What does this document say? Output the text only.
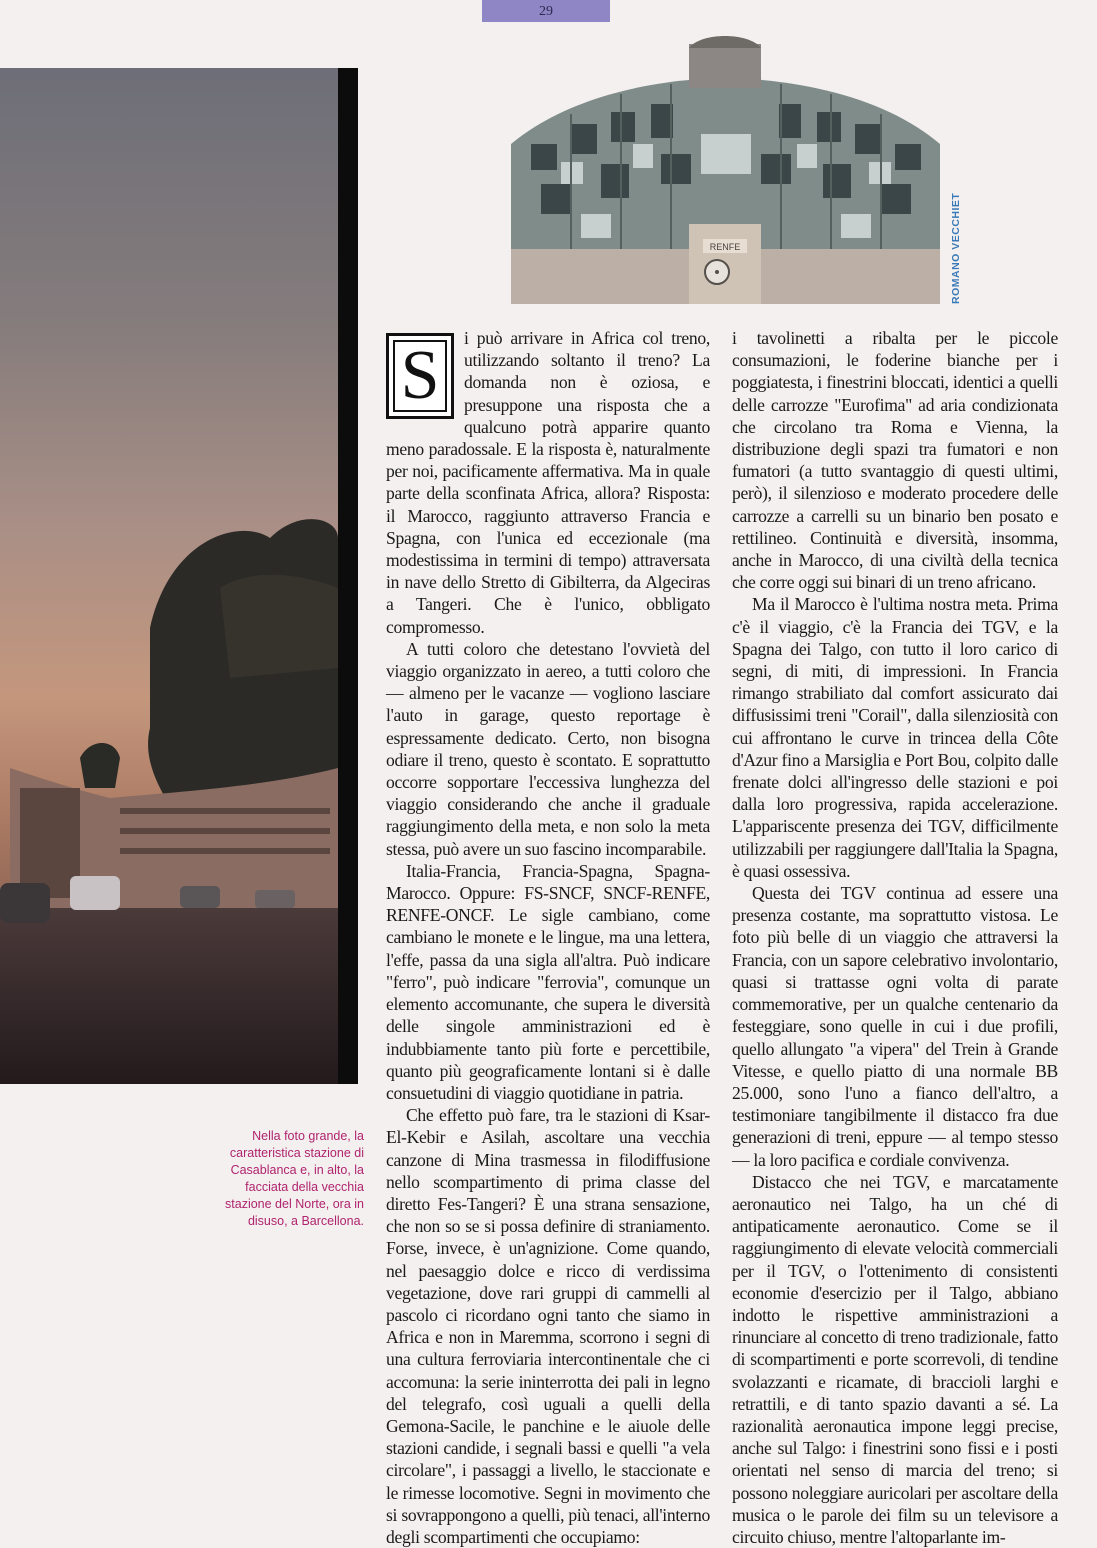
29
RENFE	ROMANO VECCHIET
Nella foto grande, la caratteristica stazione di Casablanca e, in alto, la facciata della vecchia stazione del Norte, ora in disuso, a Barcellona.
S	i può arrivare in Africa col treno, utilizzando soltanto il treno? La domanda non è oziosa, e presuppone una risposta che a qualcuno potrà apparire quanto meno paradossale. E la risposta è, naturalmente per noi, pacificamente affermativa. Ma in quale parte della sconfinata Africa, allora? Risposta: il Marocco, raggiunto attraverso Francia e Spagna, con l'unica ed eccezionale (ma modestissima in termini di tempo) attraversata in nave dello Stretto di Gibilterra, da Algeciras a Tangeri. Che è l'unico, obbligato compromesso.

A tutti coloro che detestano l'ovvietà del viaggio organizzato in aereo, a tutti coloro che — almeno per le vacanze — vogliono lasciare l'auto in garage, questo reportage è espressamente dedicato. Certo, non bisogna odiare il treno, questo è scontato. E soprattutto occorre sopportare l'eccessiva lunghezza del viaggio considerando che anche il graduale raggiungimento della meta, e non solo la meta stessa, può avere un suo fascino incomparabile.

Italia-Francia, Francia-Spagna, Spagna-Marocco. Oppure: FS-SNCF, SNCF-RENFE, RENFE-ONCF. Le sigle cambiano, come cambiano le monete e le lingue, ma una lettera, l'effe, passa da una sigla all'altra. Può indicare "ferro", può indicare "ferrovia", comunque un elemento accomunante, che supera le diversità delle singole amministrazioni ed è indubbiamente tanto più forte e percettibile, quanto più geograficamente lontani si è dalle consuetudini di viaggio quotidiane in patria.

Che effetto può fare, tra le stazioni di Ksar-El-Kebir e Asilah, ascoltare una vecchia canzone di Mina trasmessa in filodiffusione nello scompartimento di prima classe del diretto Fes-Tangeri? È una strana sensazione, che non so se si possa definire di straniamento. Forse, invece, è un'agnizione. Come quando, nel paesaggio dolce e ricco di verdissima vegetazione, dove rari gruppi di cammelli al pascolo ci ricordano ogni tanto che siamo in Africa e non in Maremma, scorrono i segni di una cultura ferroviaria intercontinentale che ci accomuna: la serie ininterrotta dei pali in legno del telegrafo, così uguali a quelli della Gemona-Sacile, le panchine e le aiuole delle stazioni candide, i segnali bassi e quelli "a vela circolare", i passaggi a livello, le staccionate e le rimesse locomotive. Segni in movimento che si sovrappongono a quelli, più tenaci, all'interno degli scompartimenti che occupiamo:

i tavolinetti a ribalta per le piccole consumazioni, le foderine bianche per i poggiatesta, i finestrini bloccati, identici a quelli delle carrozze "Eurofima" ad aria condizionata che circolano tra Roma e Vienna, la distribuzione degli spazi tra fumatori e non fumatori (a tutto svantaggio di questi ultimi, però), il silenzioso e moderato procedere delle carrozze a carrelli su un binario ben posato e rettilineo. Continuità e diversità, insomma, anche in Marocco, di una civiltà della tecnica che corre oggi sui binari di un treno africano.

Ma il Marocco è l'ultima nostra meta. Prima c'è il viaggio, c'è la Francia dei TGV, e la Spagna dei Talgo, con tutto il loro carico di segni, di miti, di impressioni. In Francia rimango strabiliato dal comfort assicurato dai diffusissimi treni "Corail", dalla silenziosità con cui affrontano le curve in trincea della Côte d'Azur fino a Marsiglia e Port Bou, colpito dalle frenate dolci all'ingresso delle stazioni e poi dalla loro progressiva, rapida accelerazione. L'appariscente presenza dei TGV, difficilmente utilizzabili per raggiungere dall'Italia la Spagna, è quasi ossessiva.

Questa dei TGV continua ad essere una presenza costante, ma soprattutto vistosa. Le foto più belle di un viaggio che attraversi la Francia, con un sapore celebrativo involontario, quasi si trattasse ogni volta di parate commemorative, per un qualche centenario da festeggiare, sono quelle in cui i due profili, quello allungato "a vipera" del Trein à Grande Vitesse, e quello piatto di una normale BB 25.000, sono l'uno a fianco dell'altro, a testimoniare tangibilmente il distacco fra due generazioni di treni, eppure — al tempo stesso — la loro pacifica e cordiale convivenza.

Distacco che nei TGV, e marcatamente aeronautico nei Talgo, ha un ché di antipaticamente aeronautico. Come se il raggiungimento di elevate velocità commerciali per il TGV, o l'ottenimento di consistenti economie d'esercizio per il Talgo, abbiano indotto le rispettive amministrazioni a rinunciare al concetto di treno tradizionale, fatto di scompartimenti e porte scorrevoli, di tendine svolazzanti e ricamate, di braccioli larghi e retrattili, e di tanto spazio davanti a sé. La razionalità aeronautica impone leggi precise, anche sul Talgo: i finestrini sono fissi e i posti orientati nel senso di marcia del treno; si possono noleggiare auricolari per ascoltare della musica o le parole dei film su un televisore a circuito chiuso, mentre l'altoparlante im-
